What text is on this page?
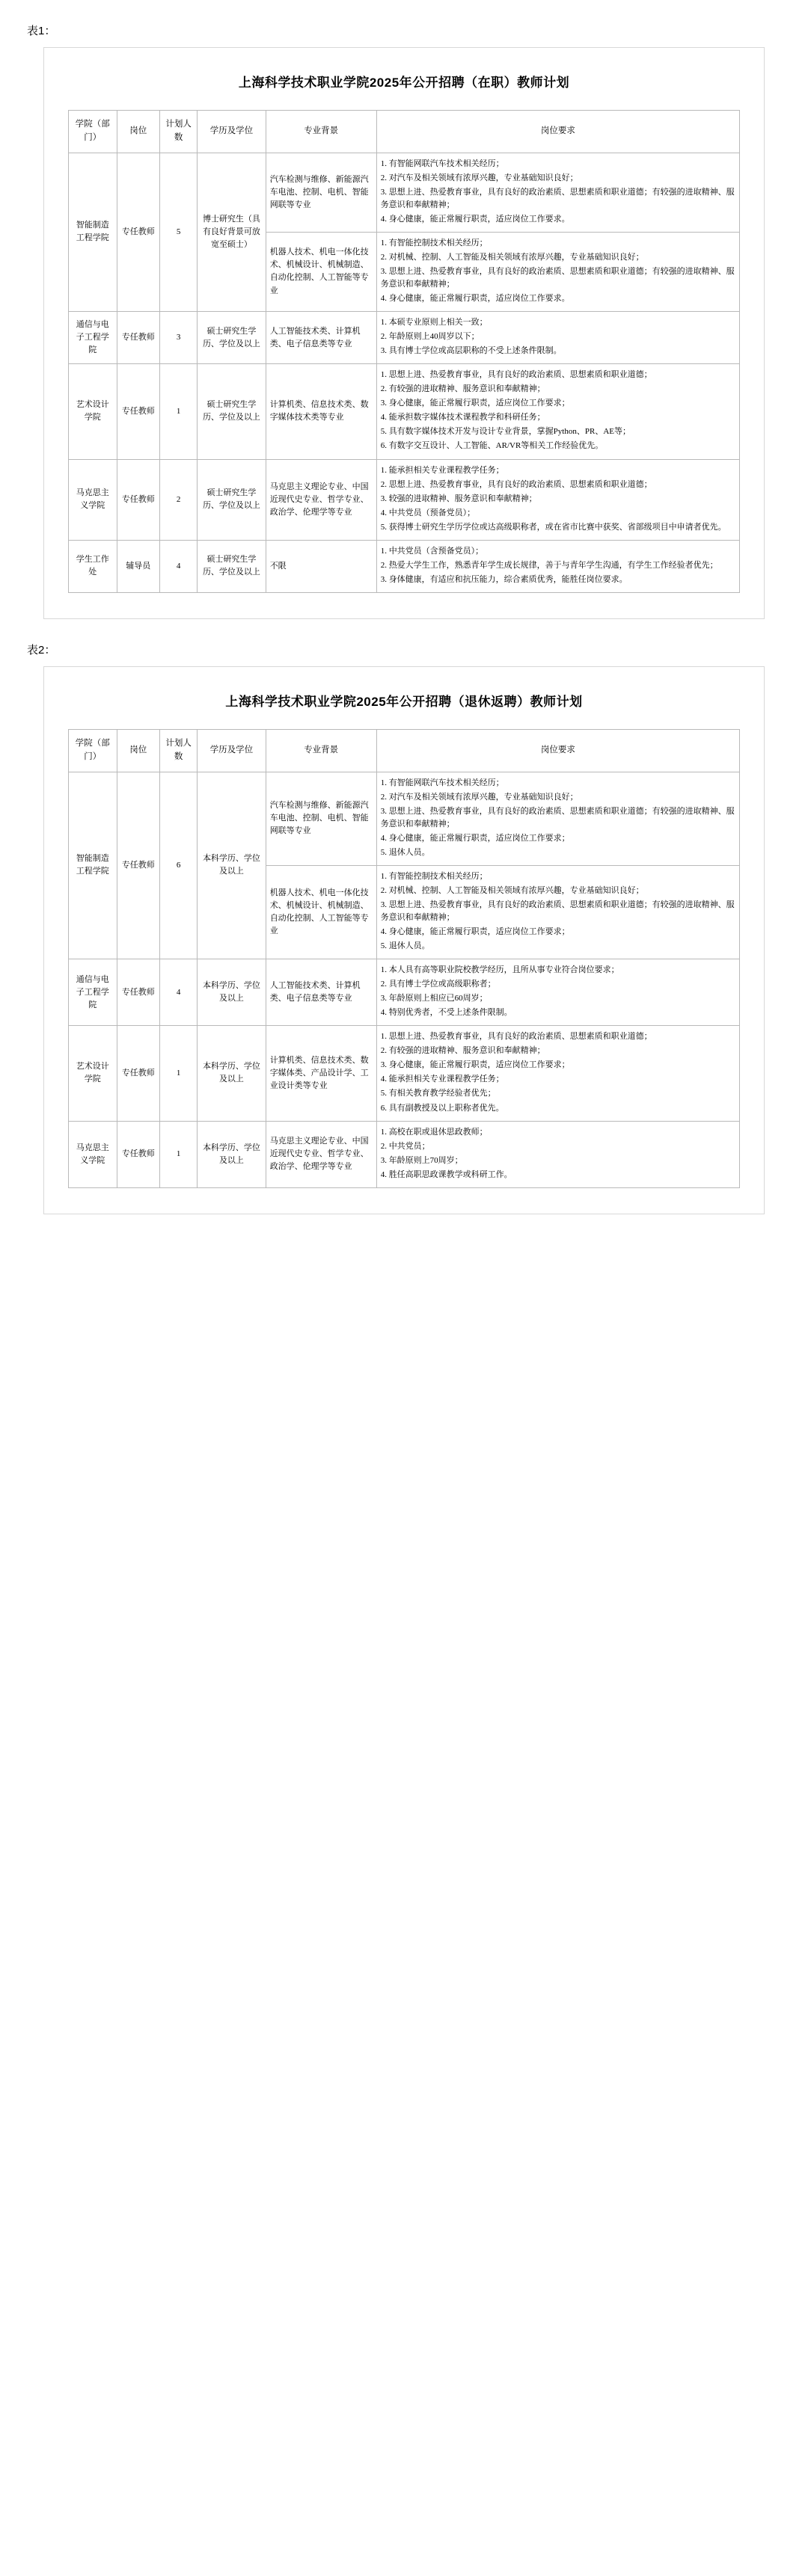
表1：
上海科学技术职业学院2025年公开招聘（在职）教师计划
学院（部门）	岗位	计划人数	学历及学位	专业背景	岗位要求
智能制造工程学院	专任教师	5	博士研究生（具有良好背景可放宽至硕士）	汽车检测与维修、新能源汽车电池、控制、电机、智能网联等专业	
1. 有智能网联汽车技术相关经历；
2. 对汽车及相关领域有浓厚兴趣，专业基础知识良好；
3. 思想上进、热爱教育事业，具有良好的政治素质、思想素质和职业道德；有较强的进取精神、服务意识和奉献精神；
4. 身心健康，能正常履行职责，适应岗位工作要求。

机器人技术、机电一体化技术、机械设计、机械制造、自动化控制、人工智能等专业	
1. 有智能控制技术相关经历；
2. 对机械、控制、人工智能及相关领域有浓厚兴趣，专业基础知识良好；
3. 思想上进、热爱教育事业，具有良好的政治素质、思想素质和职业道德；有较强的进取精神、服务意识和奉献精神；
4. 身心健康，能正常履行职责，适应岗位工作要求。

通信与电子工程学院	专任教师	3	硕士研究生学历、学位及以上	人工智能技术类、计算机类、电子信息类等专业	
1. 本硕专业原则上相关一致；
2. 年龄原则上40周岁以下；
3. 具有博士学位或高层职称的不受上述条件限制。

艺术设计学院	专任教师	1	硕士研究生学历、学位及以上	计算机类、信息技术类、数字媒体技术类等专业	
1. 思想上进、热爱教育事业，具有良好的政治素质、思想素质和职业道德；
2. 有较强的进取精神、服务意识和奉献精神；
3. 身心健康，能正常履行职责，适应岗位工作要求；
4. 能承担数字媒体技术课程教学和科研任务；
5. 具有数字媒体技术开发与设计专业背景，掌握Python、PR、AE等；
6. 有数字交互设计、人工智能、AR/VR等相关工作经验优先。

马克思主义学院	专任教师	2	硕士研究生学历、学位及以上	马克思主义理论专业、中国近现代史专业、哲学专业、政治学、伦理学等专业	
1. 能承担相关专业课程教学任务；
2. 思想上进、热爱教育事业，具有良好的政治素质、思想素质和职业道德；
3. 较强的进取精神、服务意识和奉献精神；
4. 中共党员（预备党员）；
5. 获得博士研究生学历学位或达高级职称者，或在省市比赛中获奖、省部级项目中申请者优先。

学生工作处	辅导员	4	硕士研究生学历、学位及以上	不限	
1. 中共党员（含预备党员）；
2. 热爱大学生工作，熟悉青年学生成长规律，善于与青年学生沟通，有学生工作经验者优先；
3. 身体健康，有适应和抗压能力，综合素质优秀，能胜任岗位要求。
表2：
上海科学技术职业学院2025年公开招聘（退休返聘）教师计划
学院（部门）	岗位	计划人数	学历及学位	专业背景	岗位要求
智能制造工程学院	专任教师	6	本科学历、学位及以上	汽车检测与维修、新能源汽车电池、控制、电机、智能网联等专业	
1. 有智能网联汽车技术相关经历；
2. 对汽车及相关领域有浓厚兴趣，专业基础知识良好；
3. 思想上进、热爱教育事业，具有良好的政治素质、思想素质和职业道德；有较强的进取精神、服务意识和奉献精神；
4. 身心健康，能正常履行职责，适应岗位工作要求；
5. 退休人员。

机器人技术、机电一体化技术、机械设计、机械制造、自动化控制、人工智能等专业	
1. 有智能控制技术相关经历；
2. 对机械、控制、人工智能及相关领域有浓厚兴趣，专业基础知识良好；
3. 思想上进、热爱教育事业，具有良好的政治素质、思想素质和职业道德；有较强的进取精神、服务意识和奉献精神；
4. 身心健康，能正常履行职责，适应岗位工作要求；
5. 退休人员。

通信与电子工程学院	专任教师	4	本科学历、学位及以上	人工智能技术类、计算机类、电子信息类等专业	
1. 本人具有高等职业院校教学经历，且所从事专业符合岗位要求；
2. 具有博士学位或高级职称者；
3. 年龄原则上相应已60周岁；
4. 特别优秀者，不受上述条件限制。

艺术设计学院	专任教师	1	本科学历、学位及以上	计算机类、信息技术类、数字媒体类、产品设计学、工业设计类等专业	
1. 思想上进、热爱教育事业，具有良好的政治素质、思想素质和职业道德；
2. 有较强的进取精神、服务意识和奉献精神；
3. 身心健康，能正常履行职责，适应岗位工作要求；
4. 能承担相关专业课程教学任务；
5. 有相关教育教学经验者优先；
6. 具有副教授及以上职称者优先。

马克思主义学院	专任教师	1	本科学历、学位及以上	马克思主义理论专业、中国近现代史专业、哲学专业、政治学、伦理学等专业	
1. 高校在职或退休思政教师；
2. 中共党员；
3. 年龄原则上70周岁；
4. 胜任高职思政课教学或科研工作。
